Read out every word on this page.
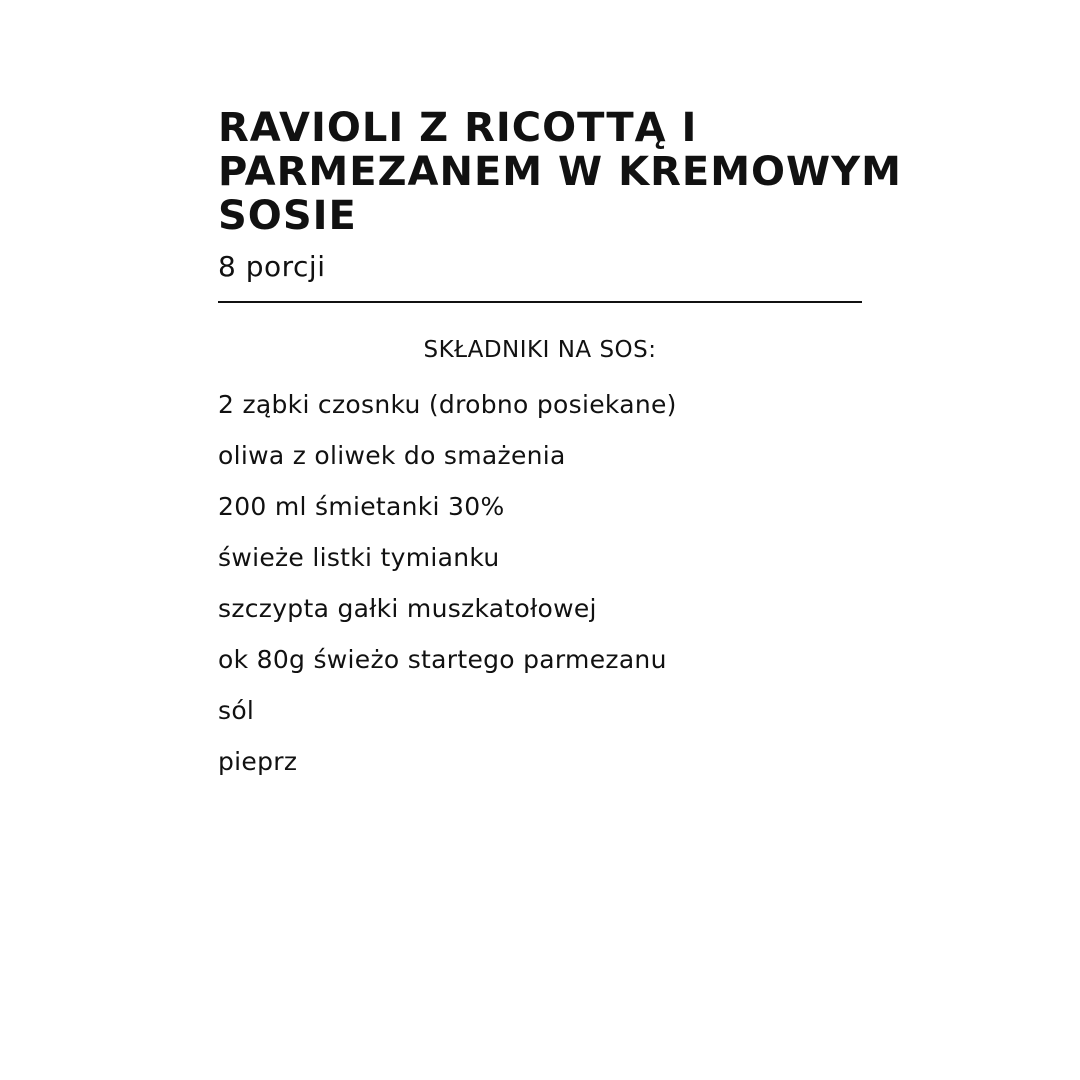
RAVIOLI Z RICOTTĄ I PARMEZANEM W KREMOWYM SOSIE
8 porcji
SKŁADNIKI NA SOS:
2 ząbki czosnku (drobno posiekane)
oliwa z oliwek do smażenia
200 ml śmietanki 30%
świeże listki tymianku
szczypta gałki muszkatołowej
ok 80g świeżo startego parmezanu
sól
pieprz
